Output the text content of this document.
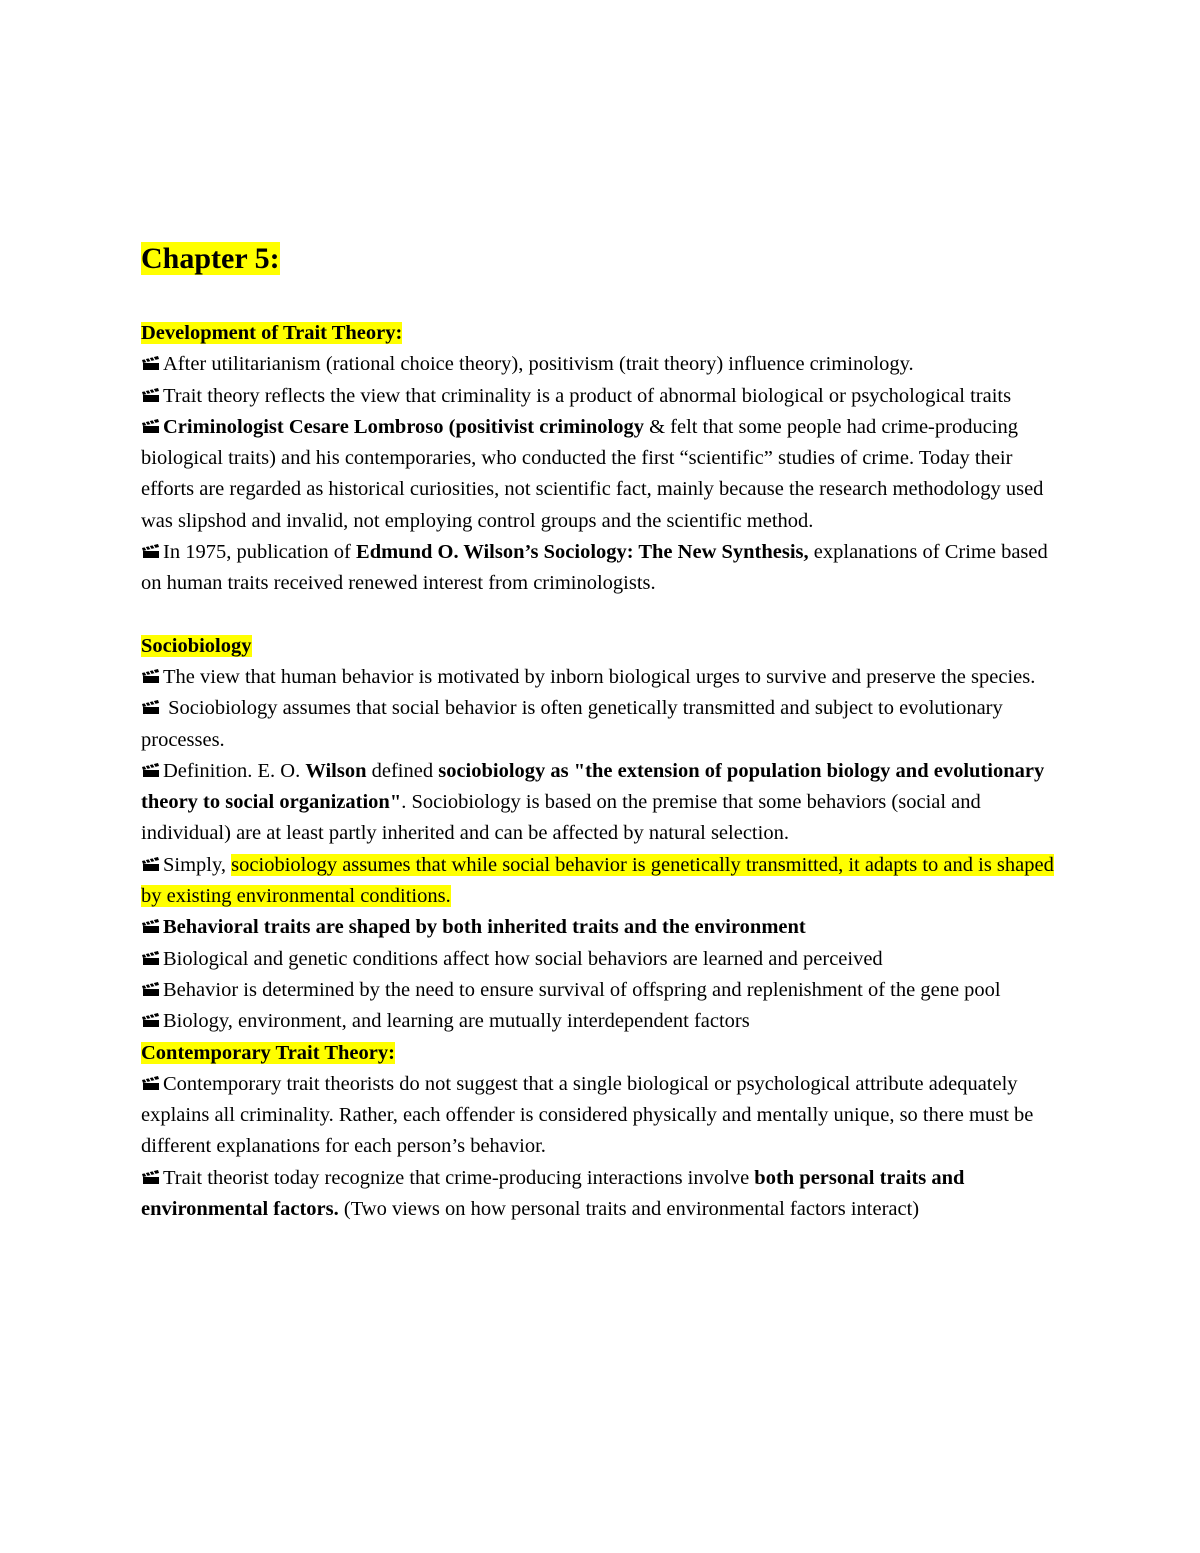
Chapter 5:
Development of Trait Theory:
After utilitarianism (rational choice theory), positivism (trait theory) influence criminology.
Trait theory reflects the view that criminality is a product of abnormal biological or psychological traits
Criminologist Cesare Lombroso (positivist criminology & felt that some people had crime-producing biological traits) and his contemporaries, who conducted the first “scientific” studies of crime. Today their efforts are regarded as historical curiosities, not scientific fact, mainly because the research methodology used was slipshod and invalid, not employing control groups and the scientific method.
In 1975, publication of Edmund O. Wilson’s Sociology: The New Synthesis, explanations of Crime based on human traits received renewed interest from criminologists.
Sociobiology
The view that human behavior is motivated by inborn biological urges to survive and preserve the species.
Sociobiology assumes that social behavior is often genetically transmitted and subject to evolutionary processes.
Definition. E. O. Wilson defined sociobiology as "the extension of population biology and evolutionary theory to social organization". Sociobiology is based on the premise that some behaviors (social and individual) are at least partly inherited and can be affected by natural selection.
Simply, sociobiology assumes that while social behavior is genetically transmitted, it adapts to and is shaped by existing environmental conditions.
Behavioral traits are shaped by both inherited traits and the environment
Biological and genetic conditions affect how social behaviors are learned and perceived
Behavior is determined by the need to ensure survival of offspring and replenishment of the gene pool
Biology, environment, and learning are mutually interdependent factors
Contemporary Trait Theory:
Contemporary trait theorists do not suggest that a single biological or psychological attribute adequately explains all criminality. Rather, each offender is considered physically and mentally unique, so there must be different explanations for each person’s behavior.
Trait theorist today recognize that crime-producing interactions involve both personal traits and environmental factors. (Two views on how personal traits and environmental factors interact)
